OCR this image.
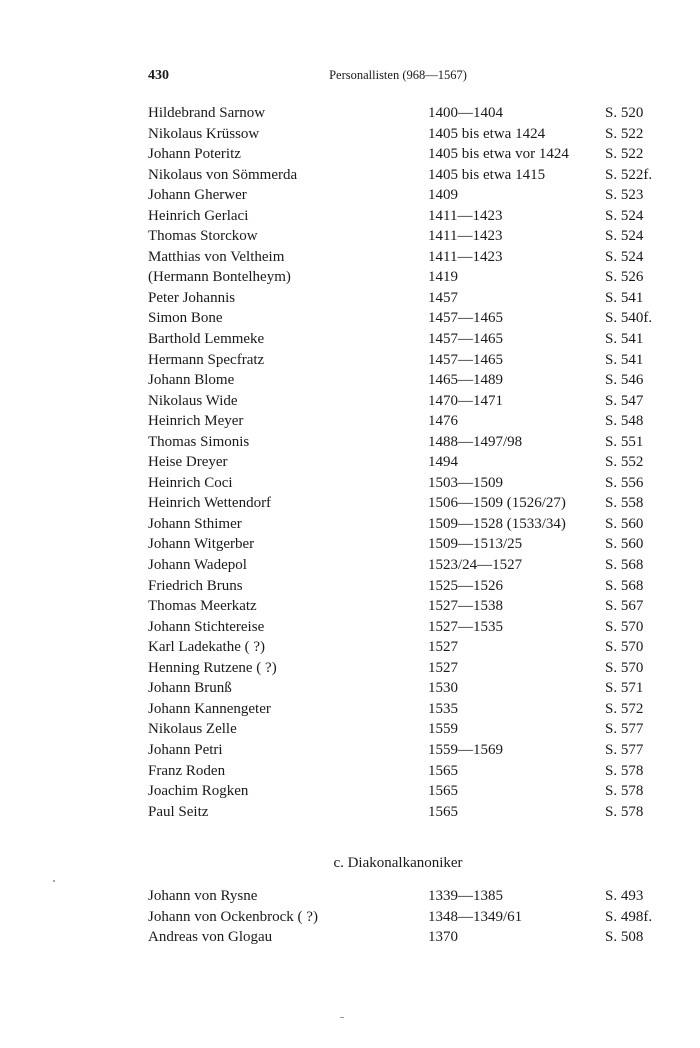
430	Personallisten (968—1567)
Hildebrand Sarnow	1400—1404	S. 520
Nikolaus Krüssow	1405 bis etwa 1424	S. 522
Johann Poteritz	1405 bis etwa vor 1424 S. 522
Nikolaus von Sömmerda	1405 bis etwa 1415	S. 522f.
Johann Gherwer	1409	S. 523
Heinrich Gerlaci	1411—1423	S. 524
Thomas Storckow	1411—1423	S. 524
Matthias von Veltheim	1411—1423	S. 524
(Hermann Bontelheym)	1419	S. 526
Peter Johannis	1457	S. 541
Simon Bone	1457—1465	S. 540f.
Barthold Lemmeke	1457—1465	S. 541
Hermann Specfratz	1457—1465	S. 541
Johann Blome	1465—1489	S. 546
Nikolaus Wide	1470—1471	S. 547
Heinrich Meyer	1476	S. 548
Thomas Simonis	1488—1497/98	S. 551
Heise Dreyer	1494	S. 552
Heinrich Coci	1503—1509	S. 556
Heinrich Wettendorf	1506—1509 (1526/27)	S. 558
Johann Sthimer	1509—1528 (1533/34)	S. 560
Johann Witgerber	1509—1513/25	S. 560
Johann Wadepol	1523/24—1527	S. 568
Friedrich Bruns	1525—1526	S. 568
Thomas Meerkatz	1527—1538	S. 567
Johann Stichtereise	1527—1535	S. 570
Karl Ladekathe ( ?)	1527	S. 570
Henning Rutzene ( ?)	1527	S. 570
Johann Brunß	1530	S. 571
Johann Kannengeter	1535	S. 572
Nikolaus Zelle	1559	S. 577
Johann Petri	1559—1569	S. 577
Franz Roden	1565	S. 578
Joachim Rogken	1565	S. 578
Paul Seitz	1565	S. 578
c. Diakonalkanoniker
Johann von Rysne	1339—1385	S. 493
Johann von Ockenbrock ( ?)	1348—1349/61	S. 498f.
Andreas von Glogau	1370	S. 508
